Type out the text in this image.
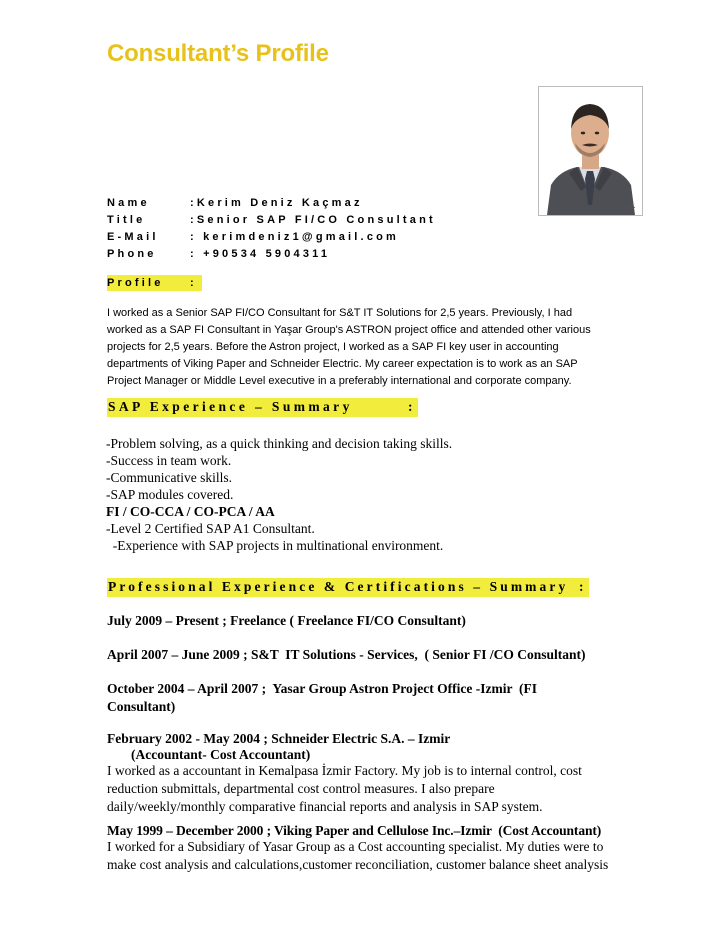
Consultant’s Profile
Name	:Kerim Deniz Kaçmaz
Title	:Senior SAP FI/CO Consultant
E-Mail	: kerimdeniz1@gmail.com
Phone	: +90534 5904311
Profile :
I worked as a Senior SAP FI/CO Consultant for S&T IT Solutions for 2,5 years. Previously, I had
worked as a SAP FI Consultant in Yaşar Group's ASTRON project office and attended other various
projects for 2,5 years. Before the Astron project, I worked as a SAP FI key user in accounting
departments of Viking Paper and Schneider Electric. My career expectation is to work as an SAP
Project Manager or Middle Level executive in a preferably international and corporate company.
SAP Experience – Summary	:
-Problem solving, as a quick thinking and decision taking skills.
-Success in team work.
-Communicative skills.
-SAP modules covered.
FI / CO-CCA / CO-PCA / AA
-Level 2 Certified SAP A1 Consultant.
-Experience with SAP projects in multinational environment.
Professional Experience & Certifications – Summary :
July 2009 – Present ; Freelance ( Freelance FI/CO Consultant)
April 2007 – June 2009 ; S&T  IT Solutions - Services,  ( Senior FI /CO Consultant)
October 2004 – April 2007 ;  Yasar Group Astron Project Office -Izmir  (FI
Consultant)
February 2002 - May 2004 ; Schneider Electric S.A. – Izmir
(Accountant- Cost Accountant)
I worked as a accountant in Kemalpasa İzmir Factory. My job is to internal control, cost
reduction submittals, departmental cost control measures. I also prepare
daily/weekly/monthly comparative financial reports and analysis in SAP system.
May 1999 – December 2000 ; Viking Paper and Cellulose Inc.–Izmir  (Cost Accountant)
I worked for a Subsidiary of Yasar Group as a Cost accounting specialist. My duties were to
make cost analysis and calculations,customer reconciliation, customer balance sheet analysis
